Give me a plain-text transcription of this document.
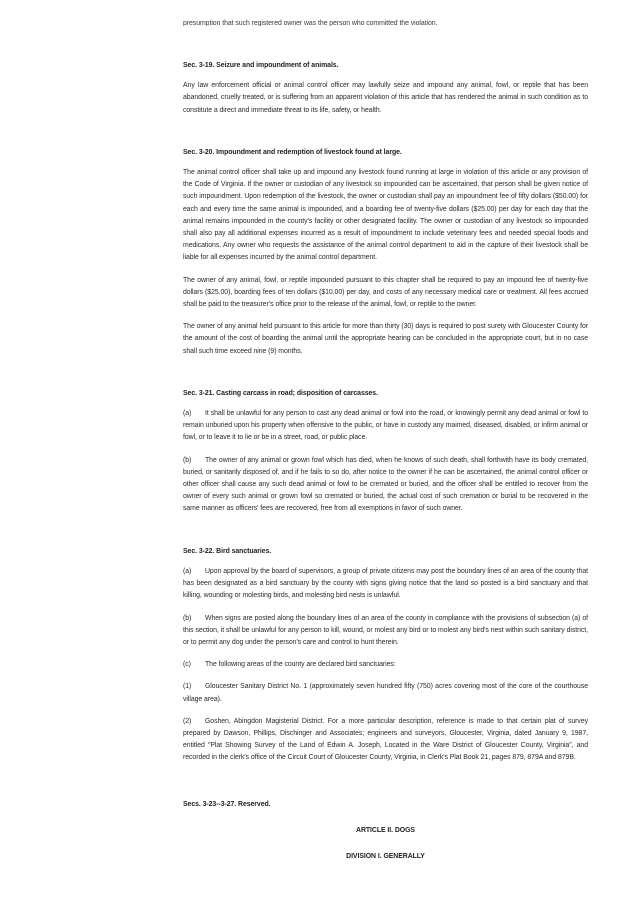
presumption that such registered owner was the person who committed the violation.

Sec. 3-19. Seizure and impoundment of animals.

Any law enforcement official or animal control officer may lawfully seize and impound any animal, fowl, or reptile that has been abandoned, cruelly treated, or is suffering from an apparent violation of this article that has rendered the animal in such condition as to constitute a direct and immediate threat to its life, safety, or health.

Sec. 3-20. Impoundment and redemption of livestock found at large.

The animal control officer shall take up and impound any livestock found running at large in violation of this article or any provision of the Code of Virginia. If the owner or custodian of any livestock so impounded can be ascertained, that person shall be given notice of such impoundment. Upon redemption of the livestock, the owner or custodian shall pay an impoundment fee of fifty dollars ($50.00) for each and every time the same animal is impounded, and a boarding fee of twenty-five dollars ($25.00) per day for each day that the animal remains impounded in the county's facility or other designated facility. The owner or custodian of any livestock so impounded shall also pay all additional expenses incurred as a result of impoundment to include veterinary fees and needed special foods and medications. Any owner who requests the assistance of the animal control department to aid in the capture of their livestock shall be liable for all expenses incurred by the animal control department.

The owner of any animal, fowl, or reptile impounded pursuant to this chapter shall be required to pay an impound fee of twenty-five dollars ($25.00), boarding fees of ten dollars ($10.00) per day, and costs of any necessary medical care or treatment. All fees accrued shall be paid to the treasurer's office prior to the release of the animal, fowl, or reptile to the owner.

The owner of any animal held pursuant to this article for more than thirty (30) days is required to post surety with Gloucester County for the amount of the cost of boarding the animal until the appropriate hearing can be concluded in the appropriate court, but in no case shall such time exceed nine (9) months.

Sec. 3-21. Casting carcass in road; disposition of carcasses.

(a) It shall be unlawful for any person to cast any dead animal or fowl into the road, or knowingly permit any dead animal or fowl to remain unburied upon his property when offensive to the public, or have in custody any maimed, diseased, disabled, or infirm animal or fowl, or to leave it to lie or be in a street, road, or public place.

(b) The owner of any animal or grown fowl which has died, when he knows of such death, shall forthwith have its body cremated, buried, or sanitarily disposed of, and if he fails to so do, after notice to the owner if he can be ascertained, the animal control officer or other officer shall cause any such dead animal or fowl to be cremated or buried, and the officer shall be entitled to recover from the owner of every such animal or grown fowl so cremated or buried, the actual cost of such cremation or burial to be recovered in the same manner as officers' fees are recovered, free from all exemptions in favor of such owner.

Sec. 3-22. Bird sanctuaries.

(a) Upon approval by the board of supervisors, a group of private citizens may post the boundary lines of an area of the county that has been designated as a bird sanctuary by the county with signs giving notice that the land so posted is a bird sanctuary and that killing, wounding or molesting birds, and molesting bird nests is unlawful.

(b) When signs are posted along the boundary lines of an area of the county in compliance with the provisions of subsection (a) of this section, it shall be unlawful for any person to kill, wound, or molest any bird or to molest any bird's nest within such sanitary district, or to permit any dog under the person's care and control to hunt therein.

(c) The following areas of the county are declared bird sanctuaries:

(1) Gloucester Sanitary District No. 1 (approximately seven hundred fifty (750) acres covering most of the core of the courthouse village area).

(2) Goshen, Abingdon Magisterial District. For a more particular description, reference is made to that certain plat of survey prepared by Dawson, Phillips, Dischinger and Associates; engineers and surveyors, Gloucester, Virginia, dated January 9, 1987, entitled "Plat Showing Survey of the Land of Edwin A. Joseph, Located in the Ware District of Gloucester County, Virginia", and recorded in the clerk's office of the Circuit Court of Gloucester County, Virginia, in Clerk's Plat Book 21, pages 879, 879A and 879B.

Secs. 3-23--3-27. Reserved.

ARTICLE II. DOGS

DIVISION I. GENERALLY
